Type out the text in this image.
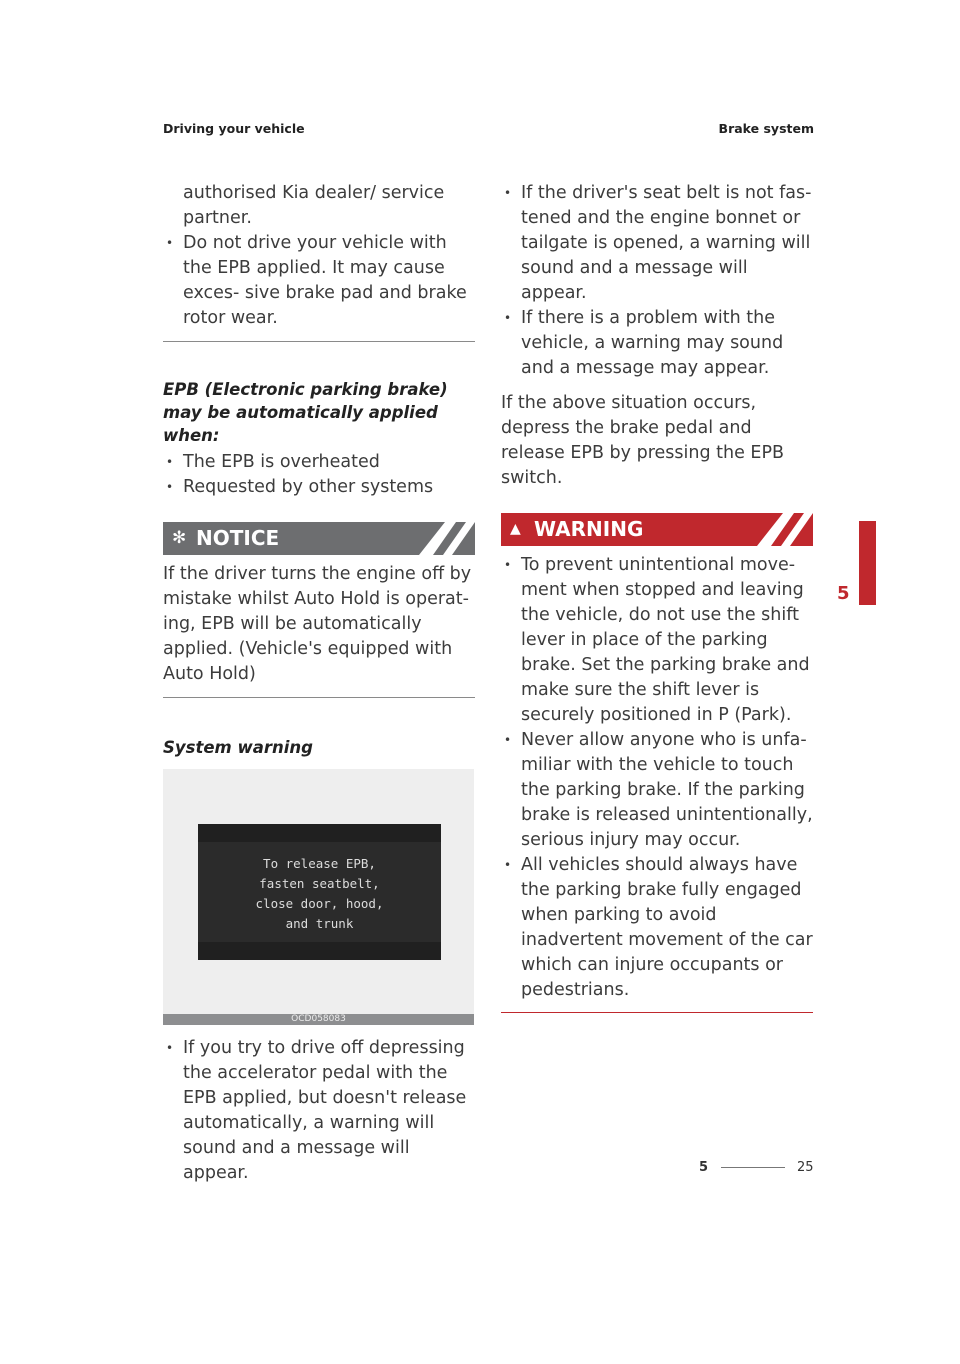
Driving your vehicle	Brake system

authorised Kia dealer/ service partner.

• Do not drive your vehicle with the EPB applied. It may cause exces- sive brake pad and brake rotor wear.
EPB (Electronic parking brake) may be automatically applied when:
• The EPB is overheated
• Requested by other systems
✻ NOTICE

If the driver turns the engine off by mistake whilst Auto Hold is operat- ing, EPB will be automatically applied. (Vehicle's equipped with Auto Hold)

System warning
To release EPB,
fasten seatbelt,
close door, hood,
and trunk
OCD058083
• If you try to drive off depressing the accelerator pedal with the EPB applied, but doesn't release automatically, a warning will sound and a message will appear.
• If the driver's seat belt is not fas- tened and the engine bonnet or tailgate is opened, a warning will sound and a message will appear.
• If there is a problem with the vehicle, a warning may sound and a message may appear.

If the above situation occurs, depress the brake pedal and release EPB by pressing the EPB switch.

▲ WARNING
• To prevent unintentional move- ment when stopped and leaving the vehicle, do not use the shift lever in place of the parking brake. Set the parking brake and make sure the shift lever is securely positioned in P (Park).
• Never allow anyone who is unfa- miliar with the vehicle to touch the parking brake. If the parking brake is released unintentionally, serious injury may occur.
• All vehicles should always have the parking brake fully engaged when parking to avoid inadvertent movement of the car which can injure occupants or pedestrians.
5
5	25
